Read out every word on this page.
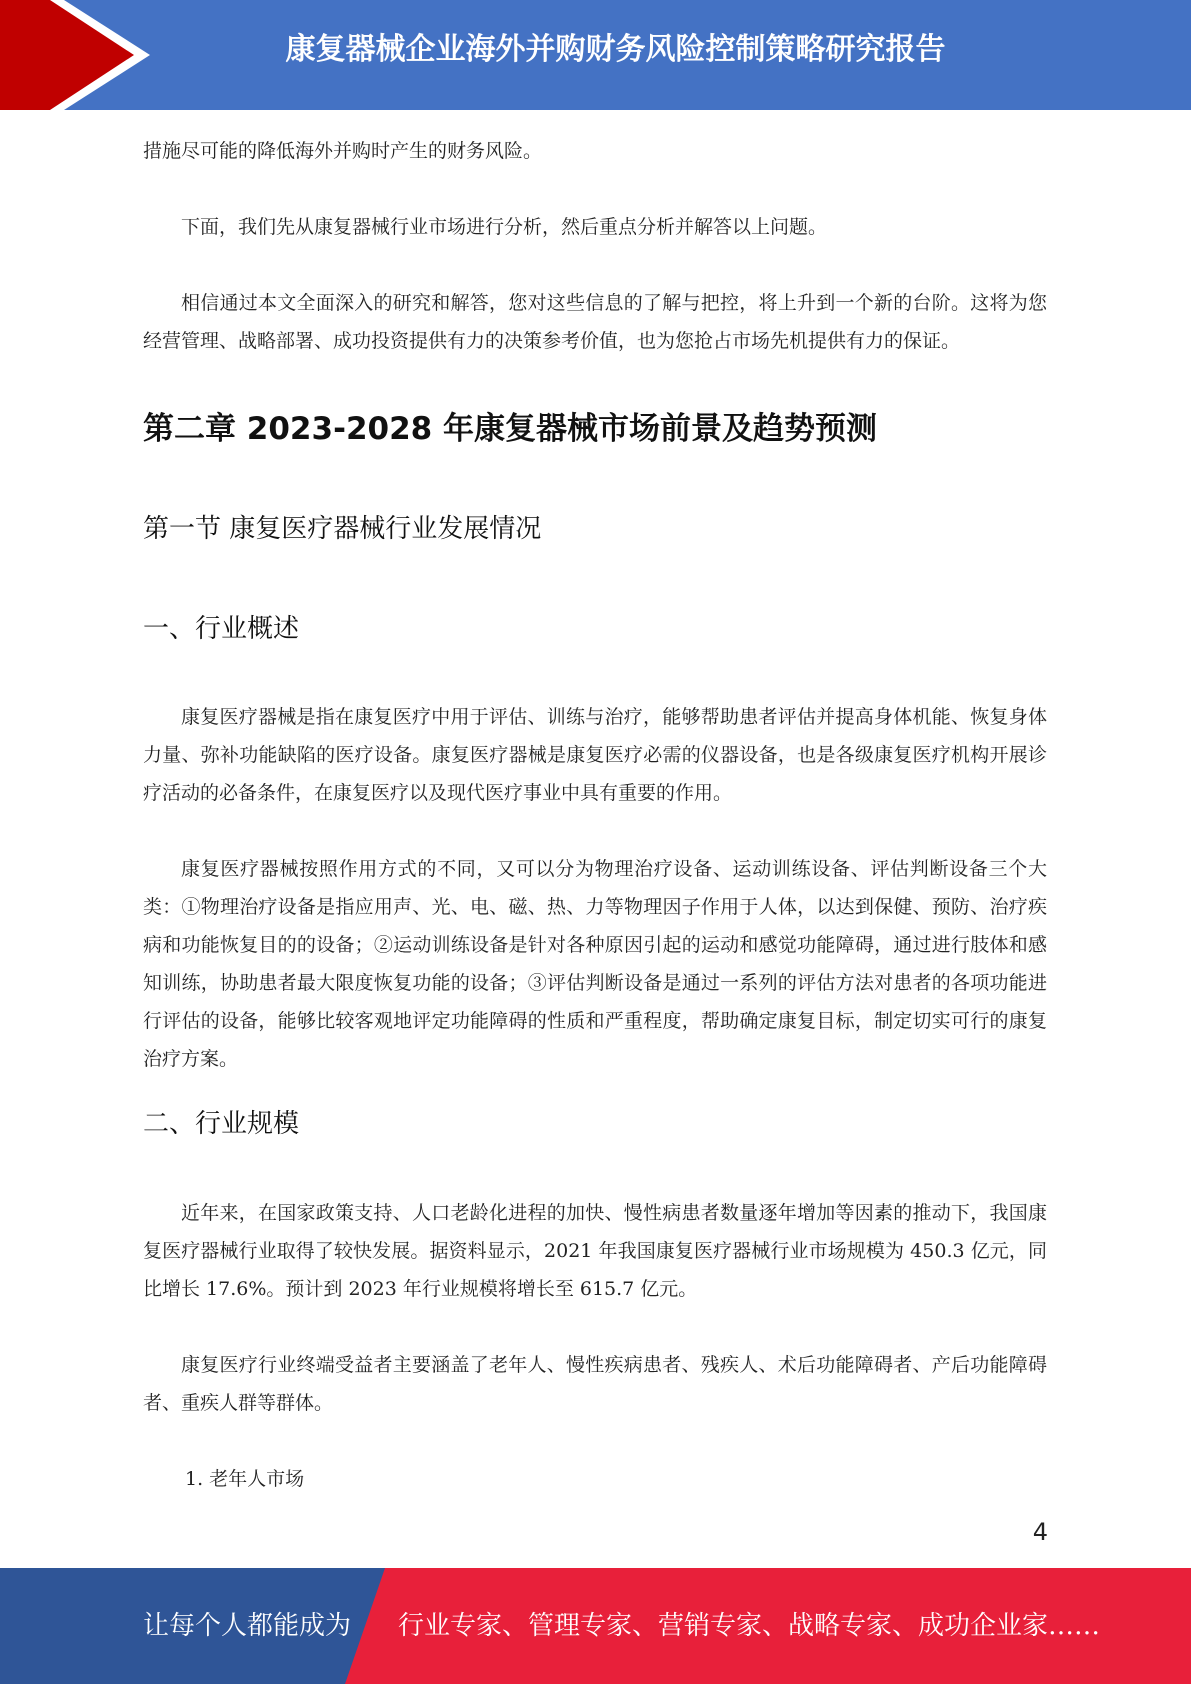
康复器械企业海外并购财务风险控制策略研究报告

措施尽可能的降低海外并购时产生的财务风险。

下面，我们先从康复器械行业市场进行分析，然后重点分析并解答以上问题。

相信通过本文全面深入的研究和解答，您对这些信息的了解与把控，将上升到一个新的台阶。这将为您经营管理、战略部署、成功投资提供有力的决策参考价值，也为您抢占市场先机提供有力的保证。

第二章 2023-2028 年康复器械市场前景及趋势预测
第一节 康复医疗器械行业发展情况
一、行业概述

康复医疗器械是指在康复医疗中用于评估、训练与治疗，能够帮助患者评估并提高身体机能、恢复身体力量、弥补功能缺陷的医疗设备。康复医疗器械是康复医疗必需的仪器设备，也是各级康复医疗机构开展诊疗活动的必备条件，在康复医疗以及现代医疗事业中具有重要的作用。

康复医疗器械按照作用方式的不同，又可以分为物理治疗设备、运动训练设备、评估判断设备三个大类：①物理治疗设备是指应用声、光、电、磁、热、力等物理因子作用于人体，以达到保健、预防、治疗疾病和功能恢复目的的设备；②运动训练设备是针对各种原因引起的运动和感觉功能障碍，通过进行肢体和感知训练，协助患者最大限度恢复功能的设备；③评估判断设备是通过一系列的评估方法对患者的各项功能进行评估的设备，能够比较客观地评定功能障碍的性质和严重程度，帮助确定康复目标，制定切实可行的康复治疗方案。

二、行业规模

近年来，在国家政策支持、人口老龄化进程的加快、慢性病患者数量逐年增加等因素的推动下，我国康复医疗器械行业取得了较快发展。据资料显示，2021 年我国康复医疗器械行业市场规模为 450.3 亿元，同比增长 17.6%。预计到 2023 年行业规模将增长至 615.7 亿元。

康复医疗行业终端受益者主要涵盖了老年人、慢性疾病患者、残疾人、术后功能障碍者、产后功能障碍者、重疾人群等群体。

1. 老年人市场

4
让每个人都能成为 行业专家、管理专家、营销专家、战略专家、成功企业家……
